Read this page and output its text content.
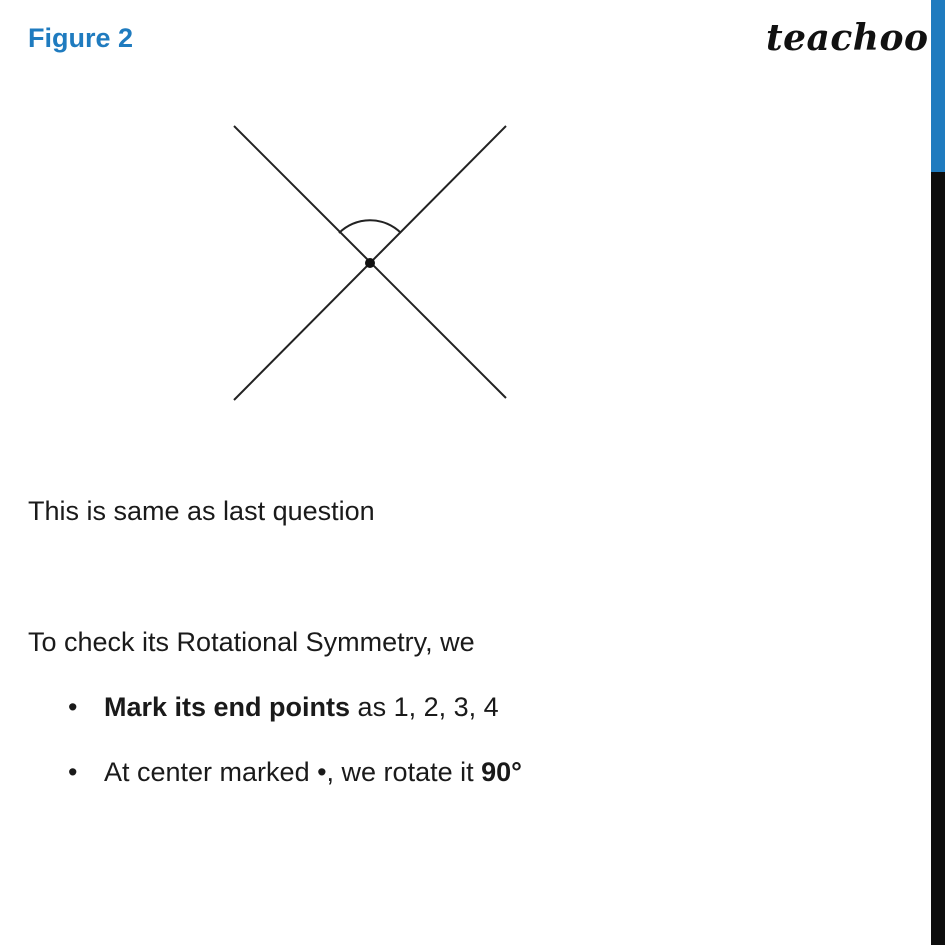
Figure 2	teachoo
This is same as last question
To check its Rotational Symmetry, we
• Mark its end points as 1, 2, 3, 4
• At center marked •, we rotate it 90°
